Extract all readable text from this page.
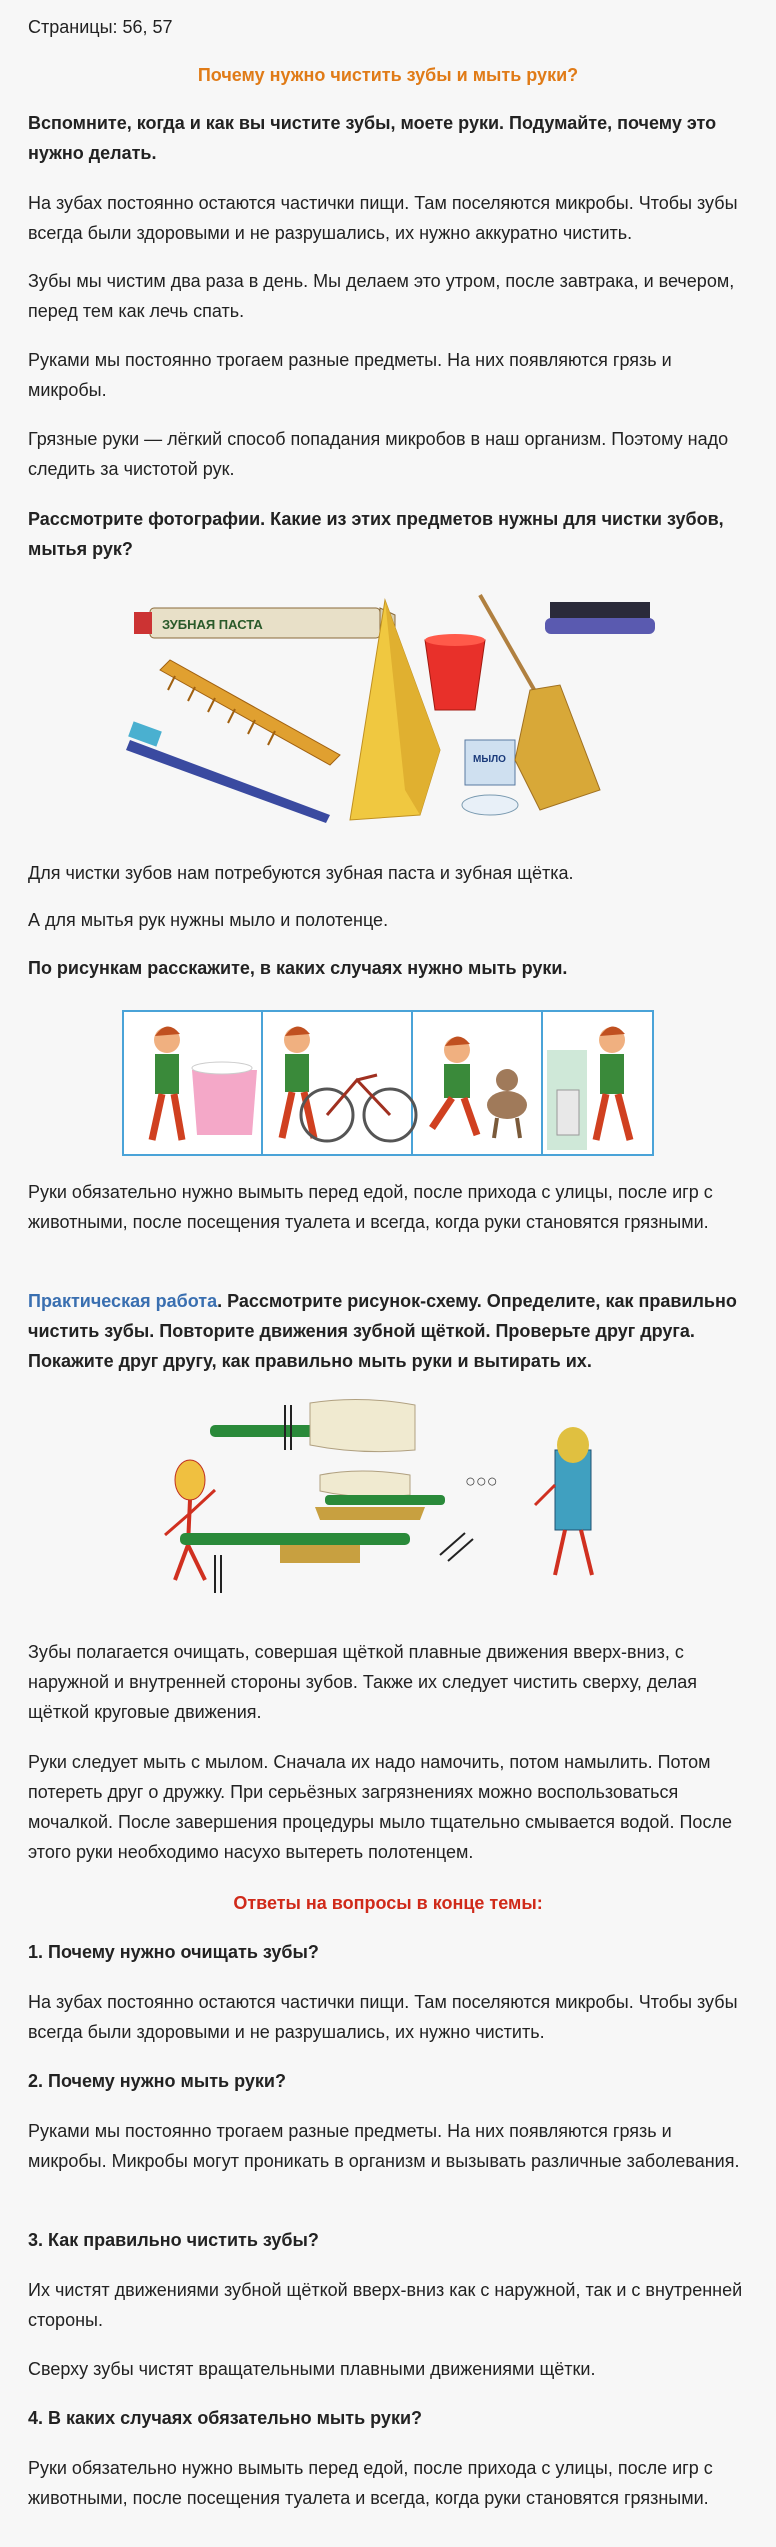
Страницы: 56, 57

Почему нужно чистить зубы и мыть руки?

Вспомните, когда и как вы чистите зубы, моете руки. Подумайте, почему это нужно делать.

На зубах постоянно остаются частички пищи. Там поселяются микробы. Чтобы зубы всегда были здоровыми и не разрушались, их нужно аккуратно чистить.

Зубы мы чистим два раза в день. Мы делаем это утром, после завтрака, и вечером, перед тем как лечь спать.

Руками мы постоянно трогаем разные предметы. На них появляются грязь и микробы.

Грязные руки — лёгкий способ попадания микробов в наш организм. Поэтому надо следить за чистотой рук.

Рассмотрите фотографии. Какие из этих предметов нужны для чистки зубов, мытья рук?

ЗУБНАЯ ПАСТА
МЫЛО

Для чистки зубов нам потребуются зубная паста и зубная щётка.

А для мытья рук нужны мыло и полотенце.

По рисункам расскажите, в каких случаях нужно мыть руки.

Руки обязательно нужно вымыть перед едой, после прихода с улицы, после игр с животными, после посещения туалета и всегда, когда руки становятся грязными.

Практическая работа. Рассмотрите рисунок-схему. Определите, как правильно чистить зубы. Повторите движения зубной щёткой. Проверьте друг друга. Покажите друг другу, как правильно мыть руки и вытирать их.

○○○

Зубы полагается очищать, совершая щёткой плавные движения вверх-вниз, с наружной и внутренней стороны зубов. Также их следует чистить сверху, делая щёткой круговые движения.

Руки следует мыть с мылом. Сначала их надо намочить, потом намылить. Потом потереть друг о дружку. При серьёзных загрязнениях можно воспользоваться мочалкой. После завершения процедуры мыло тщательно смывается водой. После этого руки необходимо насухо вытереть полотенцем.

Ответы на вопросы в конце темы:

1. Почему нужно очищать зубы?

На зубах постоянно остаются частички пищи. Там поселяются микробы. Чтобы зубы всегда были здоровыми и не разрушались, их нужно чистить.

2. Почему нужно мыть руки?

Руками мы постоянно трогаем разные предметы. На них появляются грязь и микробы. Микробы могут проникать в организм и вызывать различные заболевания.

3. Как правильно чистить зубы?

Их чистят движениями зубной щёткой вверх-вниз как с наружной, так и с внутренней стороны.

Сверху зубы чистят вращательными плавными движениями щётки.

4. В каких случаях обязательно мыть руки?

Руки обязательно нужно вымыть перед едой, после прихода с улицы, после игр с животными, после посещения туалета и всегда, когда руки становятся грязными.
